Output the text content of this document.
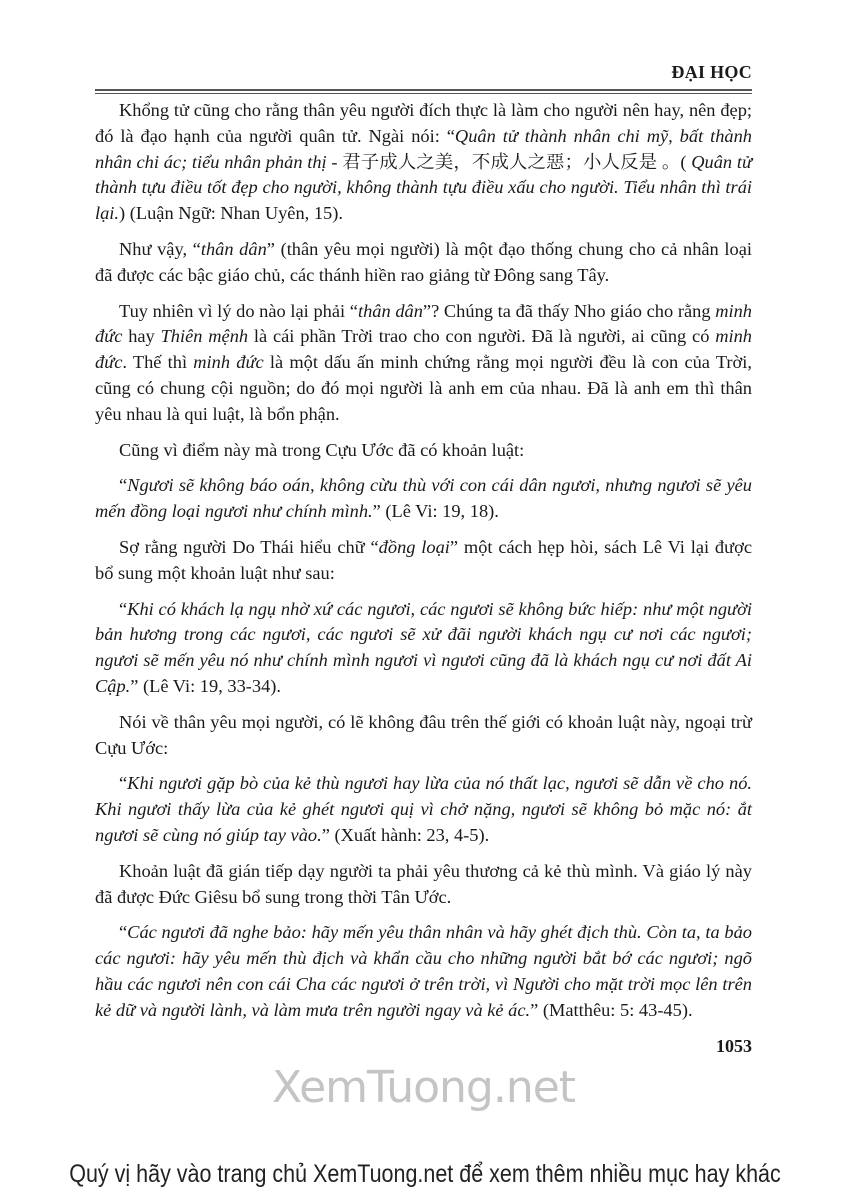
ĐẠI HỌC

Khổng tử cũng cho rằng thân yêu người đích thực là làm cho người nên hay, nên đẹp; đó là đạo hạnh của người quân tử. Ngài nói: “Quân tử thành nhân chi mỹ, bất thành nhân chi ác; tiểu nhân phản thị - 君子成人之美，不成人之惡；小人反是 。( Quân tử thành tựu điều tốt đẹp cho người, không thành tựu điều xấu cho người. Tiểu nhân thì trái lại.) (Luận Ngữ: Nhan Uyên, 15).

Như vậy, “thân dân” (thân yêu mọi người) là một đạo thống chung cho cả nhân loại đã được các bậc giáo chủ, các thánh hiền rao giảng từ Đông sang Tây.

Tuy nhiên vì lý do nào lại phải “thân dân”? Chúng ta đã thấy Nho giáo cho rằng minh đức hay Thiên mệnh là cái phần Trời trao cho con người. Đã là người, ai cũng có minh đức. Thế thì minh đức là một dấu ấn minh chứng rằng mọi người đều là con của Trời, cũng có chung cội nguồn; do đó mọi người là anh em của nhau. Đã là anh em thì thân yêu nhau là qui luật, là bổn phận.

Cũng vì điểm này mà trong Cựu Ước đã có khoản luật:

“Ngươi sẽ không báo oán, không cừu thù với con cái dân ngươi, nhưng ngươi sẽ yêu mến đồng loại ngươi như chính mình.” (Lê Vi: 19, 18).

Sợ rằng người Do Thái hiểu chữ “đồng loại” một cách hẹp hòi, sách Lê Vi lại được bổ sung một khoản luật như sau:

“Khi có khách lạ ngụ nhờ xứ các ngươi, các ngươi sẽ không bức hiếp: như một người bản hương trong các ngươi, các ngươi sẽ xử đãi người khách ngụ cư nơi các ngươi; ngươi sẽ mến yêu nó như chính mình ngươi vì ngươi cũng đã là khách ngụ cư nơi đất Ai Cập.” (Lê Vi: 19, 33-34).

Nói về thân yêu mọi người, có lẽ không đâu trên thế giới có khoản luật này, ngoại trừ Cựu Ước:

“Khi ngươi gặp bò của kẻ thù ngươi hay lừa của nó thất lạc, ngươi sẽ dẫn về cho nó. Khi ngươi thấy lừa của kẻ ghét ngươi quị vì chở nặng, ngươi sẽ không bỏ mặc nó: ắt ngươi sẽ cùng nó giúp tay vào.” (Xuất hành: 23, 4-5).

Khoản luật đã gián tiếp dạy người ta phải yêu thương cả kẻ thù mình. Và giáo lý này đã được Đức Giêsu bổ sung trong thời Tân Ước.

“Các ngươi đã nghe bảo: hãy mến yêu thân nhân và hãy ghét địch thù. Còn ta, ta bảo các ngươi: hãy yêu mến thù địch và khẩn cầu cho những người bắt bớ các ngươi; ngõ hầu các ngươi nên con cái Cha các ngươi ở trên trời, vì Người cho mặt trời mọc lên trên kẻ dữ và người lành, và làm mưa trên người ngay và kẻ ác.” (Matthêu: 5: 43-45).

1053
XemTuong.net
Quý vị hãy vào trang chủ XemTuong.net để xem thêm nhiều mục hay khác
